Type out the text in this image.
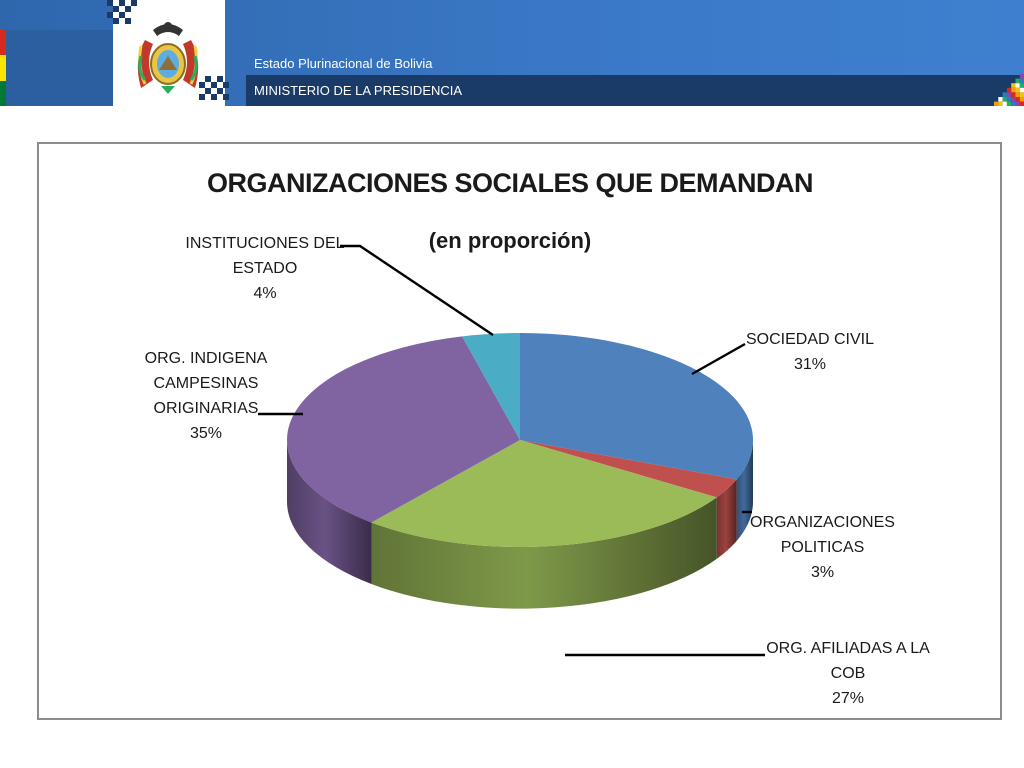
Estado Plurinacional de Bolivia
MINISTERIO DE LA PRESIDENCIA
ORGANIZACIONES SOCIALES QUE DEMANDAN
(en proporción)
SOCIEDAD CIVIL
31%
ORGANIZACIONES
POLITICAS
3%
ORG. AFILIADAS A LA
COB
27%
ORG. INDIGENA
CAMPESINAS
ORIGINARIAS
35%
INSTITUCIONES DEL
ESTADO
4%
